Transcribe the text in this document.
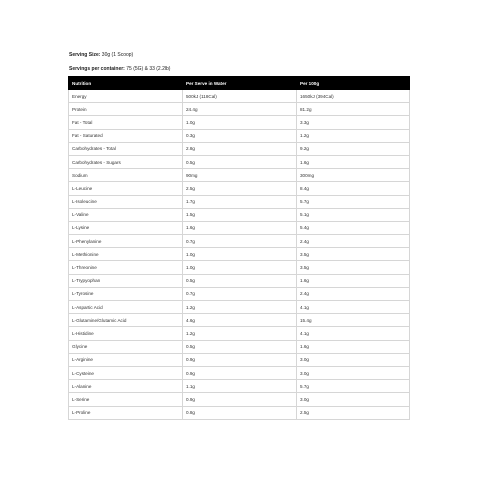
Serving Size: 30g (1 Scoop)
Servings per container: 75 (5G) & 33 (2.2lb)
Nutrition	Per Serve in Water	Per 100g
Energy	500kJ (118Cal)	1650kJ (394Cal)
Protein	24.4g	81.2g
Fat - Total	1.0g	3.3g
Fat - Saturated	0.3g	1.2g
Carbohydrates - Total	2.8g	9.2g
Carbohydrates - Sugars	0.5g	1.6g
Sodium	90mg	300mg
L-Leucine	2.5g	8.4g
L-Isoleucine	1.7g	5.7g
L-Valine	1.5g	5.1g
L-Lysine	1.6g	5.4g
L-Phenylanine	0.7g	2.4g
L-Methionine	1.0g	3.5g
L-Threonine	1.0g	3.5g
L-Trypyophan	0.5g	1.6g
L-Tyrosine	0.7g	2.4g
L-Aspartic Acid	1.2g	4.1g
L-Glutamine/Glutamic Acid	4.6g	15.4g
L-Histidine	1.2g	4.1g
Glycine	0.5g	1.6g
L-Arginine	0.9g	3.0g
L-Cysteine	0.9g	3.0g
L-Alanine	1.1g	5.7g
L-Serine	0.9g	3.0g
L-Proline	0.8g	2.5g
